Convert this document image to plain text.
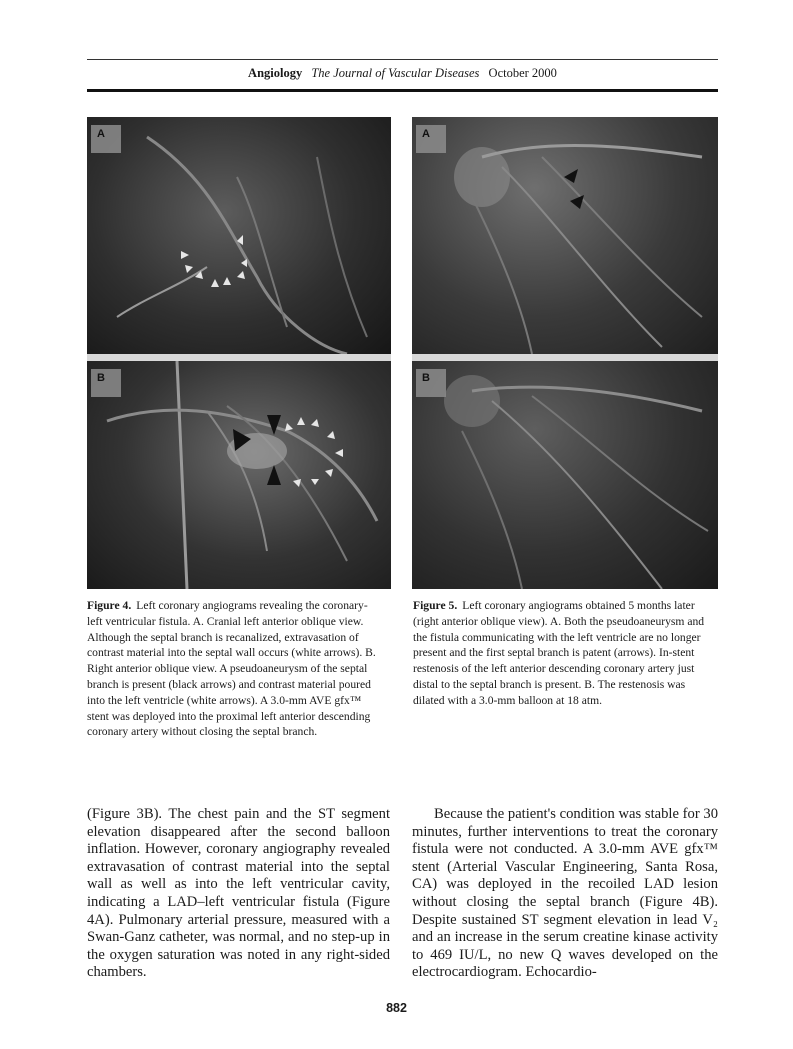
Angiology The Journal of Vascular Diseases October 2000
A
B
A
B
Figure 4. Left coronary angiograms revealing the coronary-left ventricular fistula. A. Cranial left anterior oblique view. Although the septal branch is recanalized, extravasation of contrast material into the septal wall occurs (white arrows). B. Right anterior oblique view. A pseudoaneurysm of the septal branch is present (black arrows) and contrast material poured into the left ventricle (white arrows). A 3.0-mm AVE gfx™ stent was deployed into the proximal left anterior descending coronary artery without closing the septal branch.
Figure 5. Left coronary angiograms obtained 5 months later (right anterior oblique view). A. Both the pseudoaneurysm and the fistula communicating with the left ventricle are no longer present and the first septal branch is patent (arrows). In-stent restenosis of the left anterior descending coronary artery just distal to the septal branch is present. B. The restenosis was dilated with a 3.0-mm balloon at 18 atm.

(Figure 3B). The chest pain and the ST segment elevation disappeared after the second balloon inflation. However, coronary angiography revealed extravasation of contrast material into the septal wall as well as into the left ventricular cavity, indicating a LAD–left ventricular fistula (Figure 4A). Pulmonary arterial pressure, measured with a Swan-Ganz catheter, was normal, and no step-up in the oxygen saturation was noted in any right-sided chambers.

Because the patient's condition was stable for 30 minutes, further interventions to treat the coronary fistula were not conducted. A 3.0-mm AVE gfx™ stent (Arterial Vascular Engineering, Santa Rosa, CA) was deployed in the recoiled LAD lesion without closing the septal branch (Figure 4B). Despite sustained ST segment elevation in lead V₂ and an increase in the serum creatine kinase activity to 469 IU/L, no new Q waves developed on the electrocardiogram. Echocardio-

882
